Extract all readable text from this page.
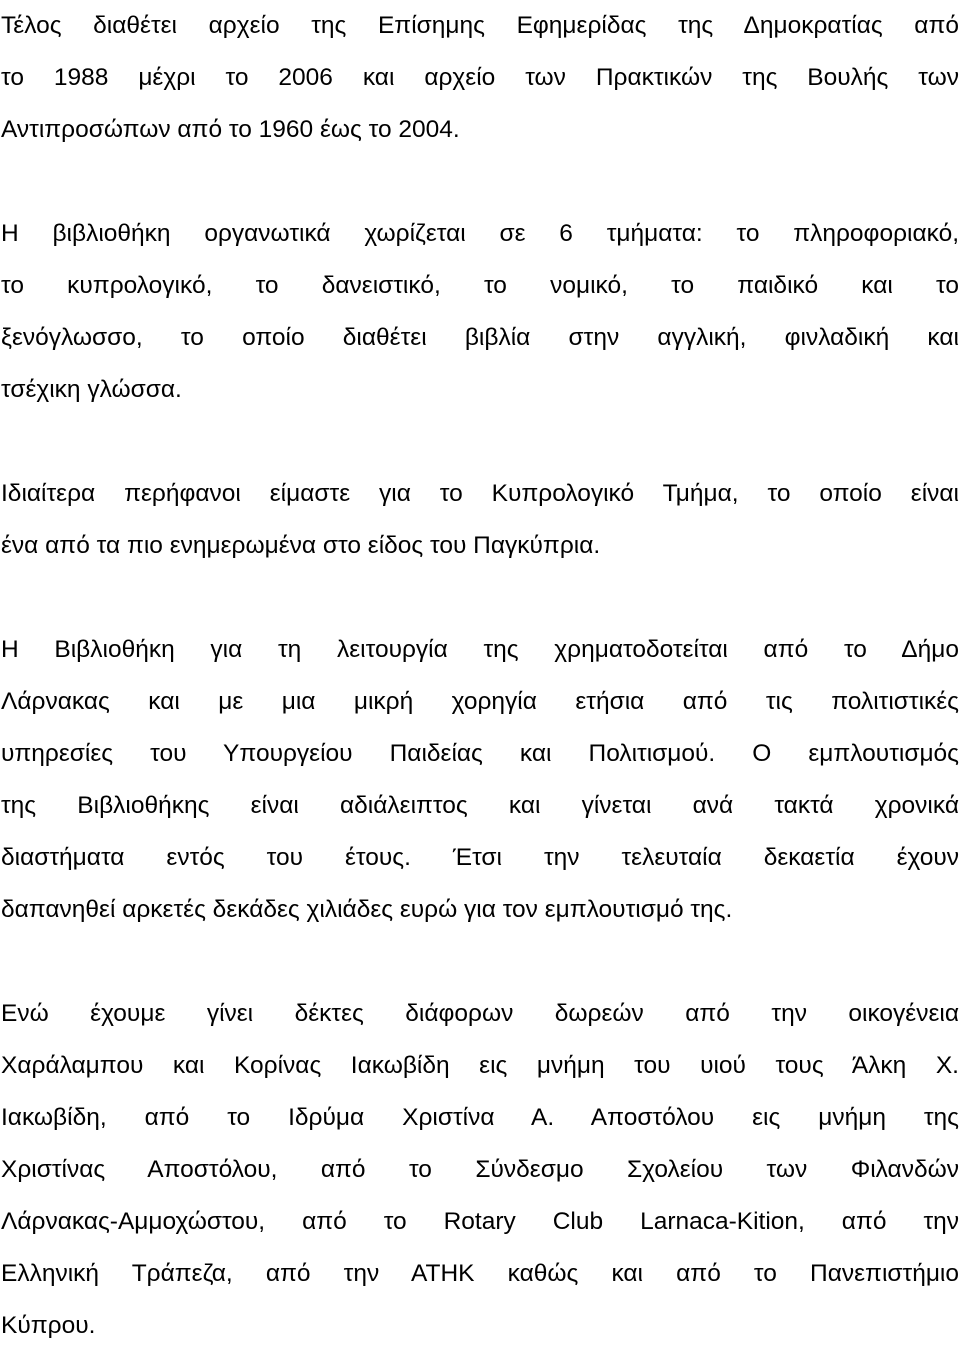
Τέλος διαθέτει αρχείο της Επίσημης Εφημερίδας της Δημοκρατίας από
το 1988 μέχρι το 2006 και αρχείο των Πρακτικών της Βουλής των
Αντιπροσώπων από το 1960 έως το 2004.
Η βιβλιοθήκη οργανωτικά χωρίζεται σε 6 τμήματα: το πληροφοριακό,
το κυπρολογικό, το δανειστικό, το νομικό, το παιδικό και το
ξενόγλωσσο, το οποίο διαθέτει βιβλία στην αγγλική, φινλαδική και
τσέχικη γλώσσα.
Ιδιαίτερα περήφανοι είμαστε για το Κυπρολογικό Τμήμα, το οποίο είναι
ένα από τα πιο ενημερωμένα στο είδος του Παγκύπρια.
Η Βιβλιοθήκη για τη λειτουργία της χρηματοδοτείται από το Δήμο
Λάρνακας και με μια μικρή χορηγία ετήσια από τις πολιτιστικές
υπηρεσίες του Υπουργείου Παιδείας και Πολιτισμού. Ο εμπλουτισμός
της Βιβλιοθήκης είναι αδιάλειπτος και γίνεται ανά τακτά χρονικά
διαστήματα εντός του έτους. Έτσι την τελευταία δεκαετία έχουν
δαπανηθεί αρκετές δεκάδες χιλιάδες ευρώ για τον εμπλουτισμό της.
Ενώ έχουμε γίνει δέκτες διάφορων δωρεών από την οικογένεια
Χαράλαμπου και Κορίνας Ιακωβίδη εις μνήμη του υιού τους Άλκη Χ.
Ιακωβίδη, από το Ιδρύμα Χριστίνα Α. Αποστόλου εις μνήμη της
Χριστίνας Αποστόλου, από το Σύνδεσμο Σχολείου των Φιλανδών
Λάρνακας-Αμμοχώστου, από το Rotary Club Larnaca-Kition, από την
Ελληνική Τράπεζα, από την ΑΤΗΚ καθώς και από το Πανεπιστήμιο
Κύπρου.
